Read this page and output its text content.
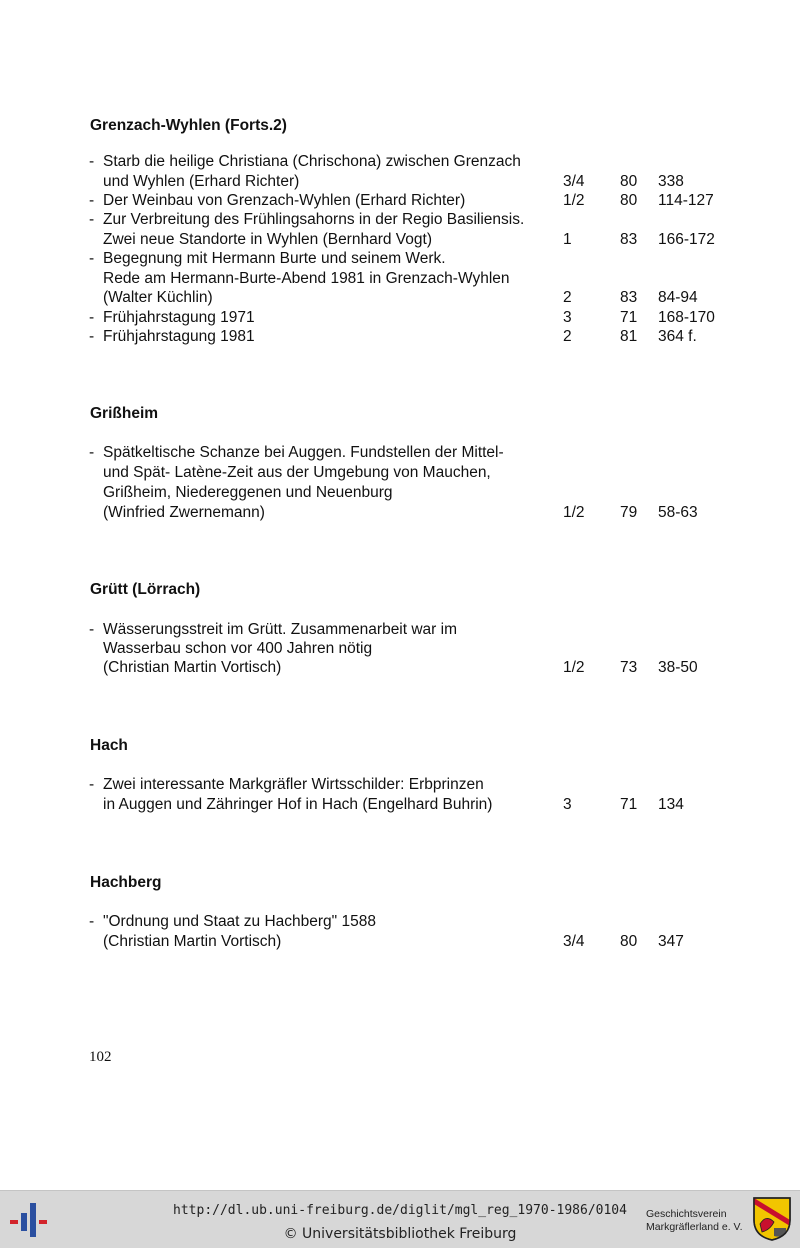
Grenzach-Wyhlen (Forts.2)
- Starb die heilige Christiana (Chrischona) zwischen Grenzach
und Wyhlen (Erhard Richter)	3/4 80 338
- Der Weinbau von Grenzach-Wyhlen (Erhard Richter)	1/2 80 114-127
- Zur Verbreitung des Frühlingsahorns in der Regio Basiliensis.
Zwei neue Standorte in Wyhlen (Bernhard Vogt)	1	83 166-172
- Begegnung mit Hermann Burte und seinem Werk.
Rede am Hermann-Burte-Abend 1981 in Grenzach-Wyhlen
(Walter Küchlin)	2	83 84-94
- Frühjahrstagung 1971	3	71 168-170
- Frühjahrstagung 1981	2	81 364 f.
Grißheim
- Spätkeltische Schanze bei Auggen. Fundstellen der Mittel-
und Spät- Latène-Zeit aus der Umgebung von Mauchen,
Grißheim, Niedereggenen und Neuenburg
(Winfried Zwernemann)	1/2 79 58-63
Grütt (Lörrach)
- Wässerungsstreit im Grütt. Zusammenarbeit war im
Wasserbau schon vor 400 Jahren nötig
(Christian Martin Vortisch)	1/2 73 38-50
Hach
- Zwei interessante Markgräfler Wirtsschilder: Erbprinzen
in Auggen und Zähringer Hof in Hach (Engelhard Buhrin)	3	71 134
Hachberg
- "Ordnung und Staat zu Hachberg" 1588
(Christian Martin Vortisch)	3/4 80 347
102
http://dl.ub.uni-freiburg.de/diglit/mgl_reg_1970-1986/0104
© Universitätsbibliothek Freiburg
Geschichtsverein
Markgräflerland e. V.
